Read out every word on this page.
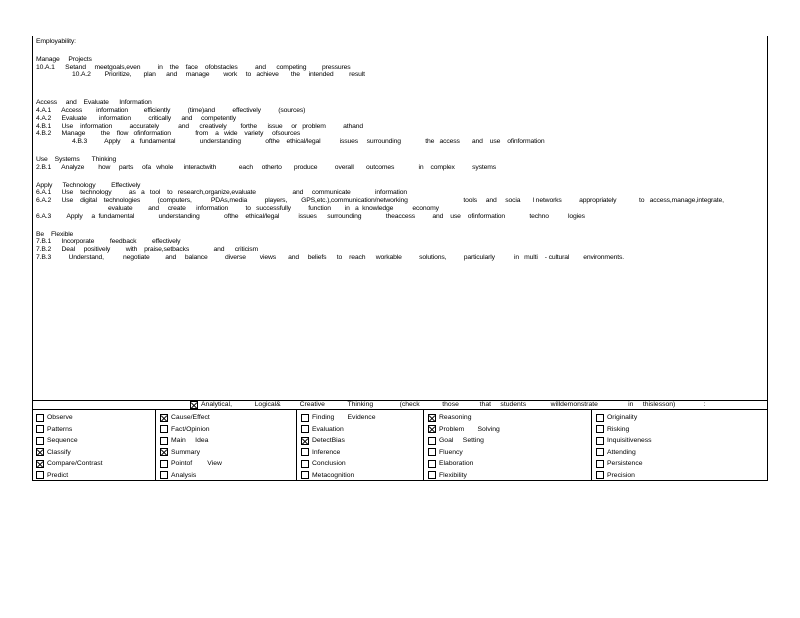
Employability:
Manage     Projects
10.A.1      Setand     meetgoals,even          in    the    face    ofobstacles          and      competing         pressures
10.A.2        Prioritize,       plan      and     manage        work     to   achieve       the     intended         result
Access     and    Evaluate      Information
4.A.1      Access        information         efficiently          (time)and          effectively          (sources)
4.A.2      Evaluate       information          critically      and     competently
4.B.1      Use    information          accurately           and      creatively        forthe      issue     or   problem          athand
4.B.2      Manage         the    flow   ofinformation              from    a   wide    variety     ofsources
4.B.3          Apply      a   fundamental              understanding              ofthe    ethical/legal           issues     surrounding              the   access       and    use    ofinformation
Use    Systems       Thinking
2.B.1      Analyze        how     parts     ofa   whole      interactwith             each     otherto       produce          overall       outcomes              in    complex          systems
Apply      Technology         Effectively
6.A.1      Use    technology          as   a   tool    to   research,organize,evaluate                     and     communicate              information
6.A.2      Use    digital    technologies          (computers,           PDAs,media          players,        GPS,etc.),communication/networking                                tools     and     socia       l networks          appropriately             to   access,manage,integrate,
evaluate         and     create      information          to   successfully          function        in   a  knowledge           economy
6.A.3         Apply     a  fundamental              understanding              ofthe    ethical/legal           issues      surrounding              theaccess          and    use    ofinformation              techno           logies
Be    Flexible
7.B.1      Incorporate         feedback         effectively
7.B.2      Deal     positively         with    praise,setbacks              and      criticism
7.B.3          Understand,           negotiate         and     balance          diverse        views       and     beliefs      to    reach      workable          solutions,          particularly           in   multi    - cultural        environments.
Analytical,            Logical&          Creative            Thinking              (check            those           that     students             willdemonstrate                in     thislesson)               :
Observe
Patterns
Sequence
Classify
Compare/Contrast
Predict
Cause/Effect
Fact/Opinion
Main     Idea
Summary
Pointof        View
Analysis
Finding       Evidence
Evaluation
DetectBias
Inference
Conclusion
Metacognition
Reasoning
Problem       Solving
Goal     Setting
Fluency
Elaboration
Flexibility
Originality
Risking
Inquisitiveness
Attending
Persistence
Precision
